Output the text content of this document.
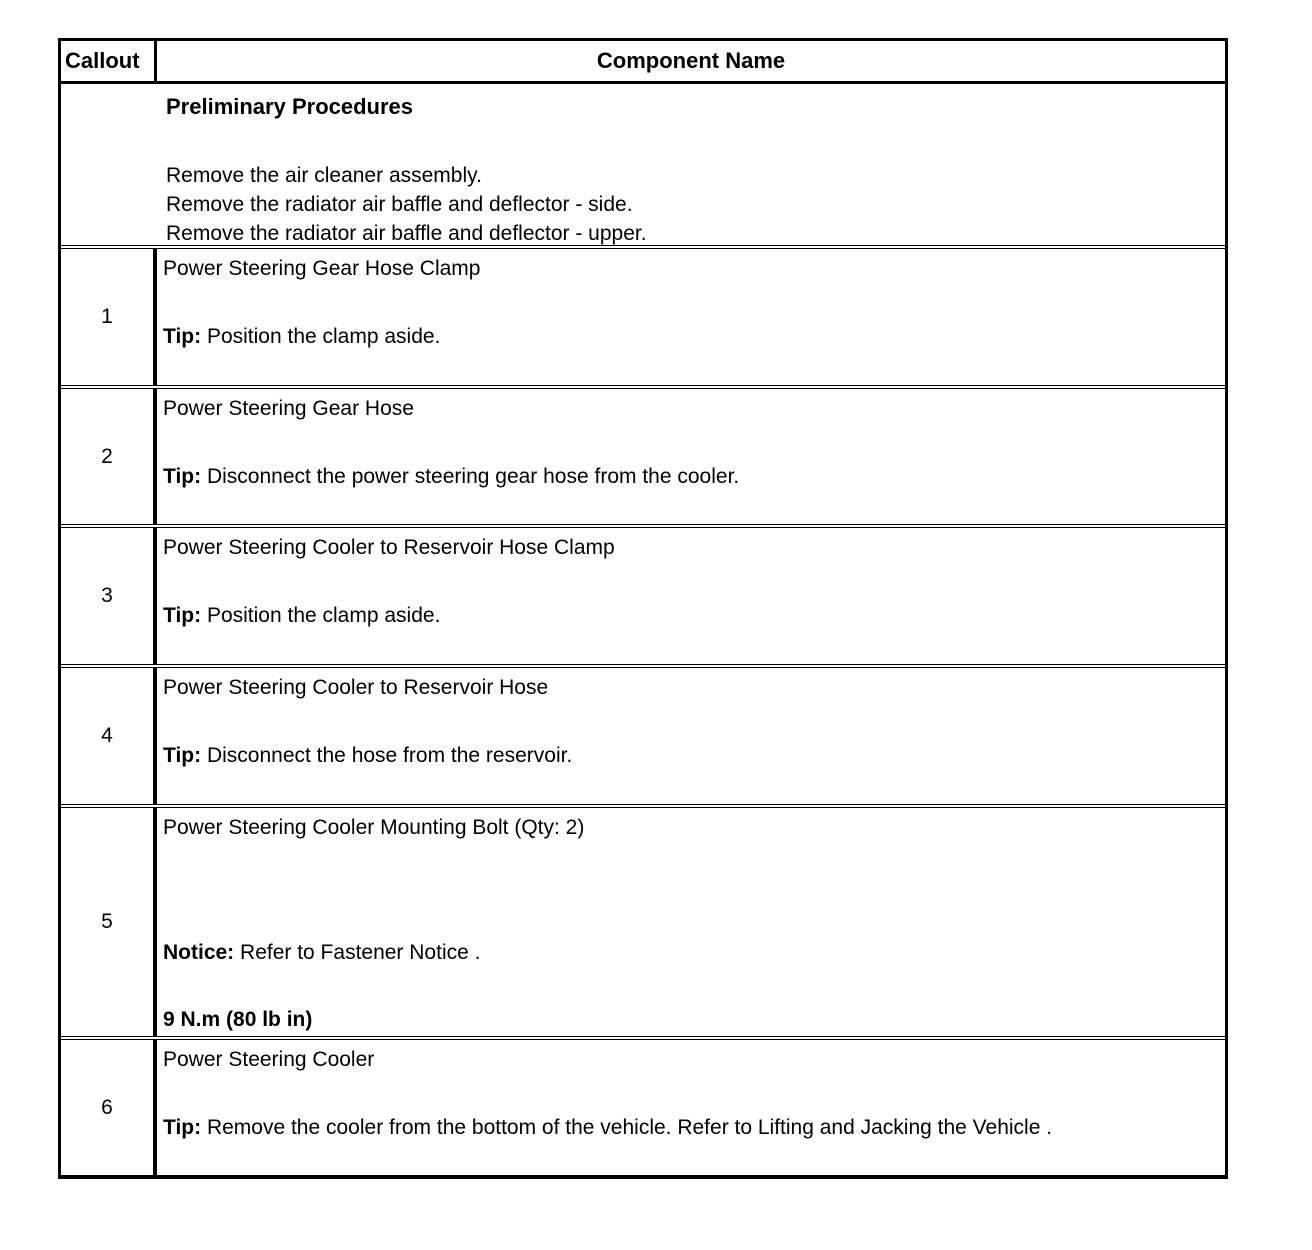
Callout	Component Name
Preliminary Procedures
Remove the air cleaner assembly.
Remove the radiator air baffle and deflector - side.
Remove the radiator air baffle and deflector - upper.
1
Power Steering Gear Hose Clamp
Tip: Position the clamp aside.
2
Power Steering Gear Hose
Tip: Disconnect the power steering gear hose from the cooler.
3
Power Steering Cooler to Reservoir Hose Clamp
Tip: Position the clamp aside.
4
Power Steering Cooler to Reservoir Hose
Tip: Disconnect the hose from the reservoir.
5
Power Steering Cooler Mounting Bolt (Qty: 2)
Notice: Refer to Fastener Notice .
9 N.m (80 lb in)
6
Power Steering Cooler
Tip: Remove the cooler from the bottom of the vehicle. Refer to Lifting and Jacking the Vehicle .
